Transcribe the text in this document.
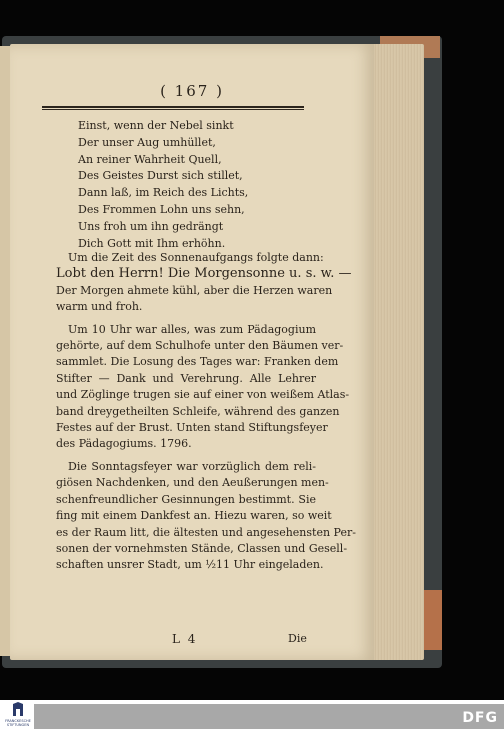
( 167 )
Einst, wenn der Nebel sinkt
Der unser Aug umhüllet,
An reiner Wahrheit Quell,
Des Geistes Durst sich stillet,
Dann laß, im Reich des Lichts,
Des Frommen Lohn uns sehn,
Uns froh um ihn gedrängt
Dich Gott mit Ihm erhöhn.
Um die Zeit des Sonnenaufgangs folgte dann:
Lobt den Herrn! Die Morgensonne u. s. w. —
Der Morgen ahmete kühl, aber die Herzen waren
warm und froh.
Um 10 Uhr war alles, was zum Pädagogium
gehörte, auf dem Schulhofe unter den Bäumen ver-
sammlet. Die Losung des Tages war: Franken dem
Stifter — Dank und Verehrung. Alle Lehrer
und Zöglinge trugen sie auf einer von weißem Atlas-
band dreygetheilten Schleife, während des ganzen
Festes auf der Brust. Unten stand Stiftungsfeyer
des Pädagogiums. 1796.
Die Sonntagsfeyer war vorzüglich dem reli-
giösen Nachdenken, und den Aeußerungen men-
schenfreundlicher Gesinnungen bestimmt. Sie
fing mit einem Dankfest an. Hiezu waren, so weit
es der Raum litt, die ältesten und angesehensten Per-
sonen der vornehmsten Stände, Classen und Gesell-
schaften unsrer Stadt, um ½11 Uhr eingeladen.
L 4	Die
FRANCKESCHE STIFTUNGEN	DFG
